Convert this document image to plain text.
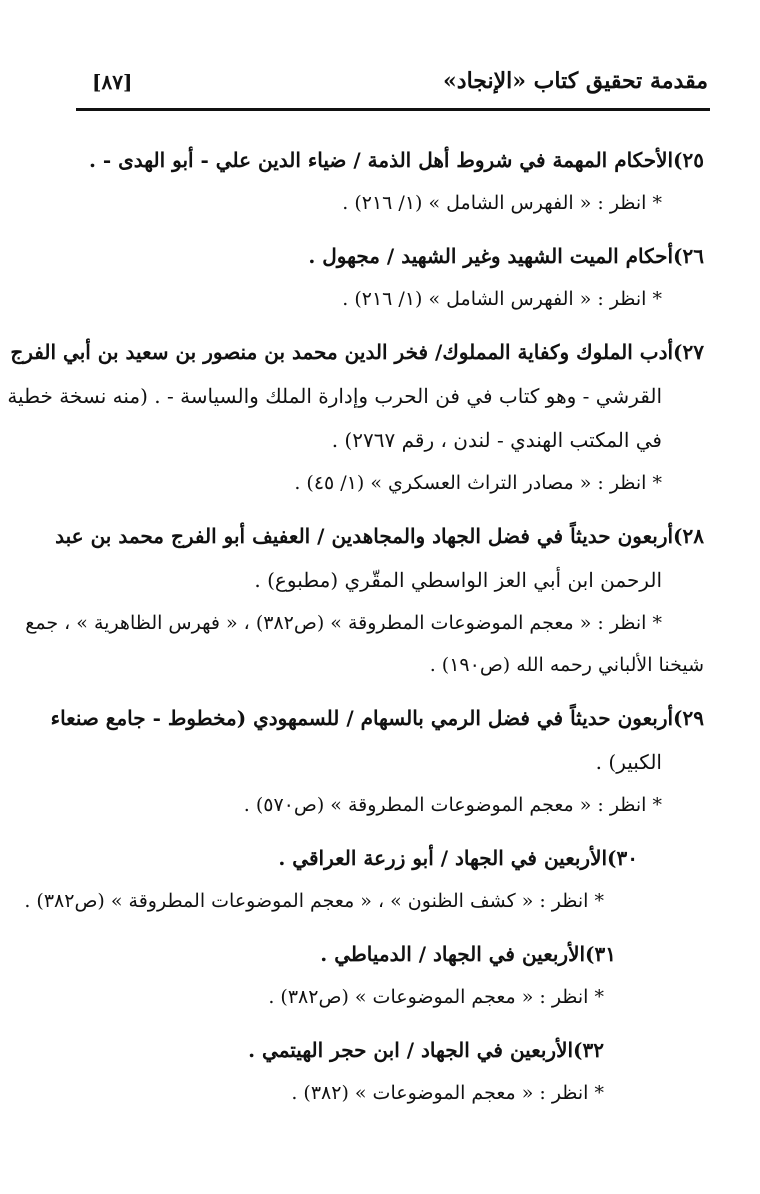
مقدمة تحقيق كتاب «الإنجاد»
[٨٧]
٢٥)الأحكام المهمة في شروط أهل الذمة / ضياء الدين علي - أبو الهدى - .
* انظر : « الفهرس الشامل » (١/ ٢١٦) .
٢٦)أحكام الميت الشهيد وغير الشهيد / مجهول .
* انظر : « الفهرس الشامل » (١/ ٢١٦) .
٢٧)أدب الملوك وكفاية المملوك/ فخر الدين محمد بن منصور بن سعيد بن أبي الفرج
القرشي - وهو كتاب في فن الحرب وإدارة الملك والسياسة - . (منه نسخة خطية
في المكتب الهندي - لندن ، رقم ٢٧٦٧) .
* انظر : « مصادر التراث العسكري » (١/ ٤٥) .
٢٨)أربعون حديثاً في فضل الجهاد والمجاهدين / العفيف أبو الفرج محمد بن عبد
الرحمن ابن أبي العز الواسطي المقّري (مطبوع) .
* انظر : « معجم الموضوعات المطروقة » (ص٣٨٢) ، « فهرس الظاهرية » ، جمع
شيخنا الألباني رحمه الله (ص١٩٠) .
٢٩)أربعون حديثاً في فضل الرمي بالسهام / للسمهودي (مخطوط - جامع صنعاء
الكبير) .
* انظر : « معجم الموضوعات المطروقة » (ص٥٧٠) .
٣٠)الأربعين في الجهاد / أبو زرعة العراقي .
* انظر : « كشف الظنون » ، « معجم الموضوعات المطروقة » (ص٣٨٢) .
٣١)الأربعين في الجهاد / الدمياطي .
* انظر : « معجم الموضوعات » (ص٣٨٢) .
٣٢)الأربعين في الجهاد / ابن حجر الهيتمي .
* انظر : « معجم الموضوعات » (٣٨٢) .
